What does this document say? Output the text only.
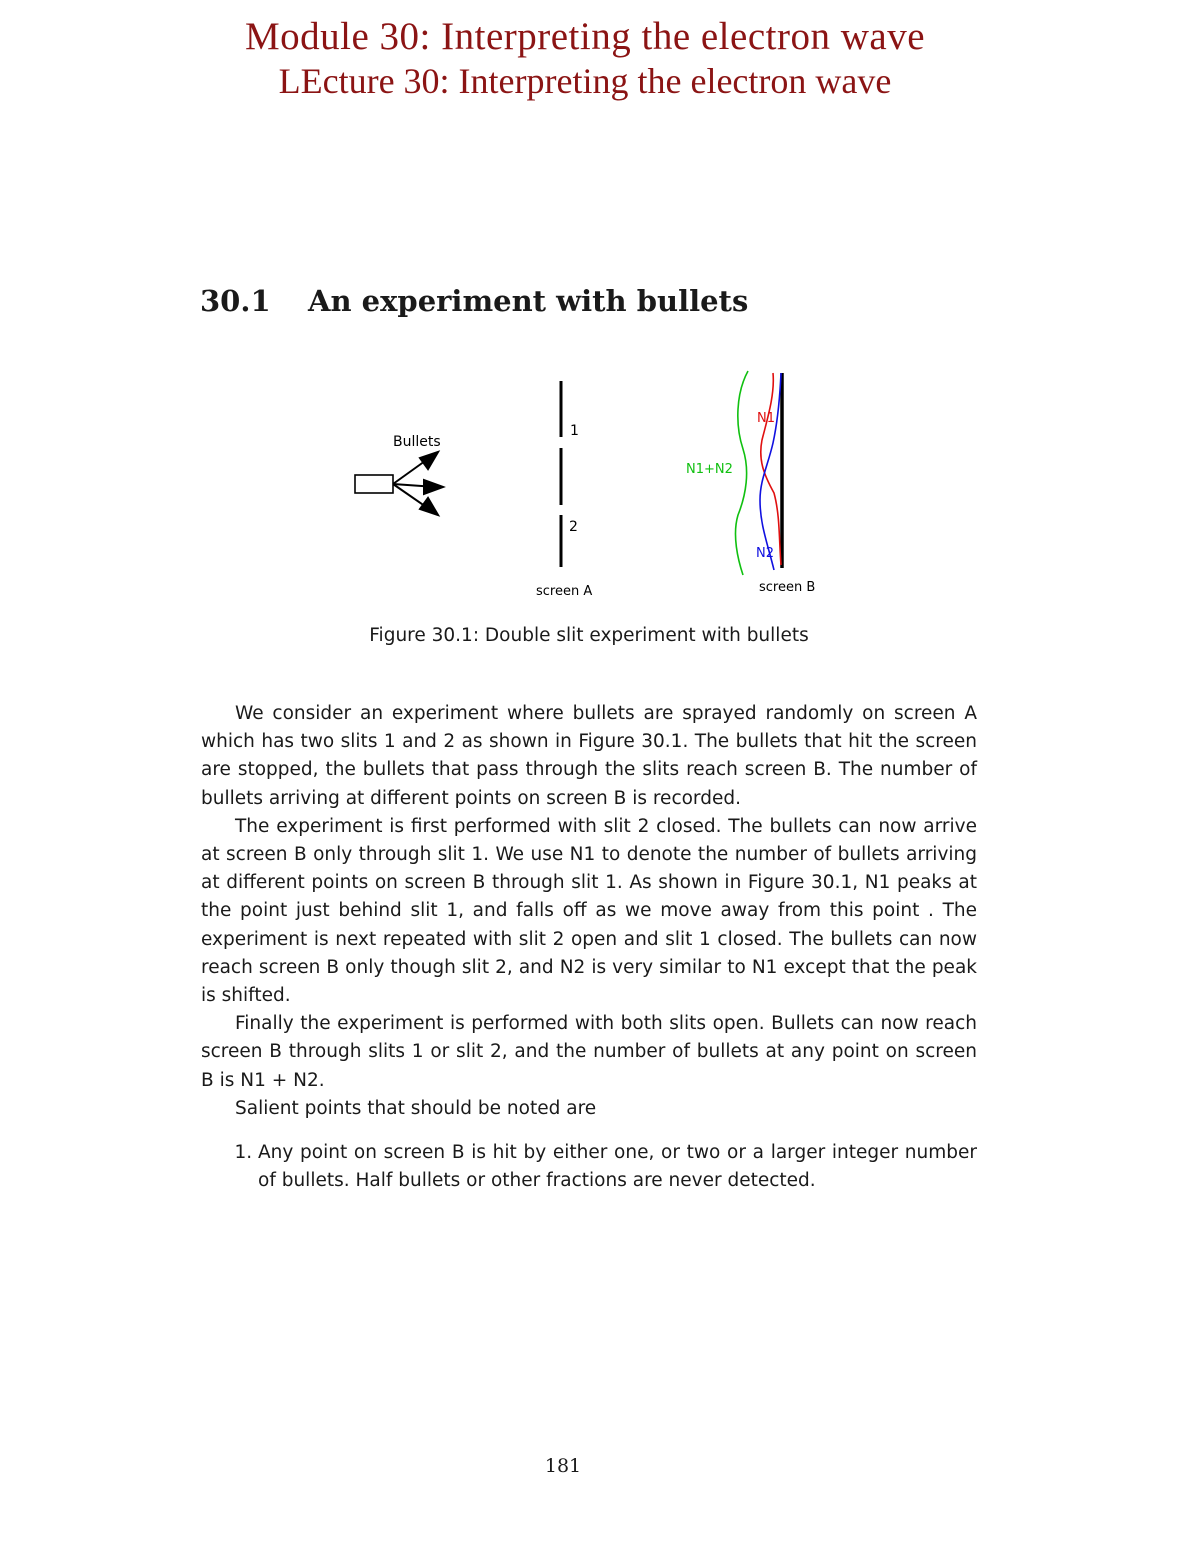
Module 30: Interpreting the electron wave
LEcture 30: Interpreting the electron wave
30.1 An experiment with bullets
Bullets
1
2
screen A	screen B
N1+N2
N1
N2

Figure 30.1: Double slit experiment with bullets

We consider an experiment where bullets are sprayed randomly on screen A which has two slits 1 and 2 as shown in Figure 30.1. The bullets that hit the screen are stopped, the bullets that pass through the slits reach screen B. The number of bullets arriving at different points on screen B is recorded.

The experiment is first performed with slit 2 closed. The bullets can now arrive at screen B only through slit 1. We use N1 to denote the number of bullets arriving at different points on screen B through slit 1. As shown in Figure 30.1, N1 peaks at the point just behind slit 1, and falls off as we move away from this point . The experiment is next repeated with slit 2 open and slit 1 closed. The bullets can now reach screen B only though slit 2, and N2 is very similar to N1 except that the peak is shifted.

Finally the experiment is performed with both slits open. Bullets can now reach screen B through slits 1 or slit 2, and the number of bullets at any point on screen B is N1 + N2.

Salient points that should be noted are

1. Any point on screen B is hit by either one, or two or a larger integer number of bullets. Half bullets or other fractions are never detected.

181
